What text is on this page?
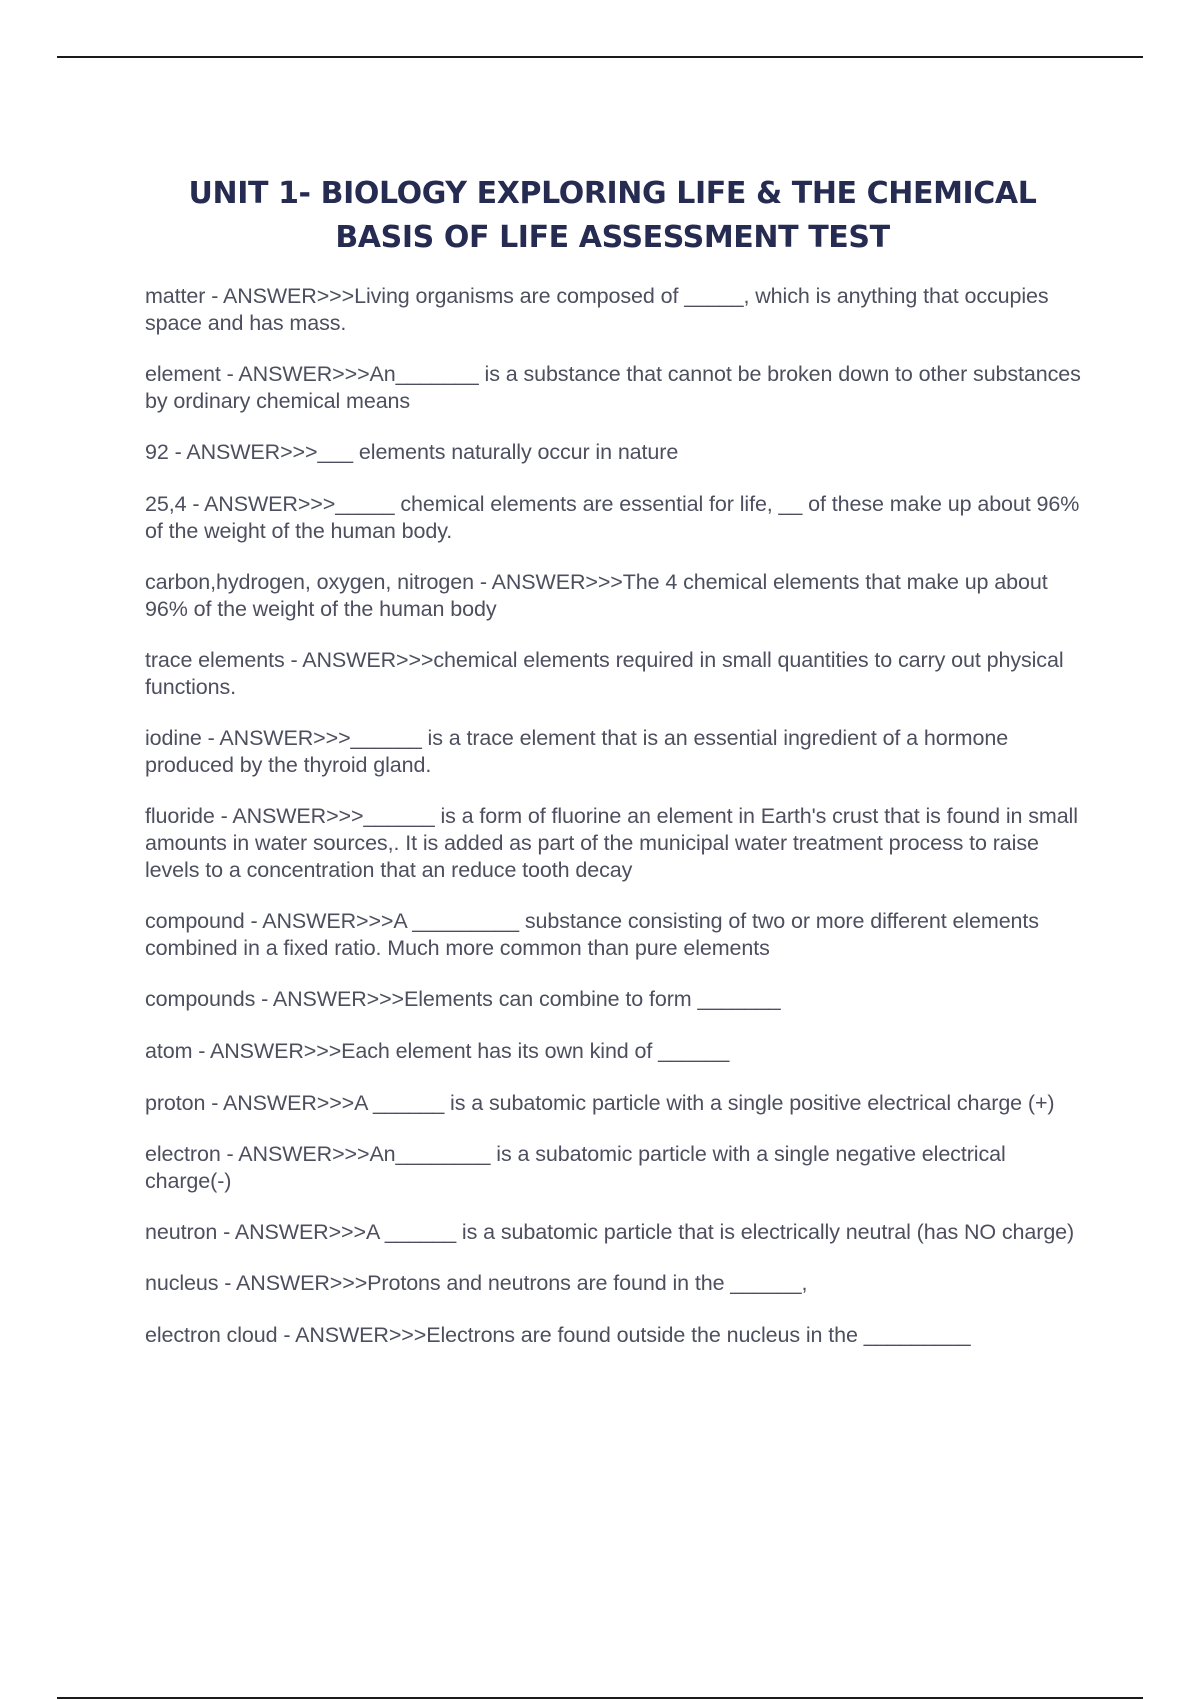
UNIT 1- BIOLOGY EXPLORING LIFE & THE CHEMICAL BASIS OF LIFE ASSESSMENT TEST
matter - ANSWER>>>Living organisms are composed of _____, which is anything that occupies space and has mass.
element - ANSWER>>>An_______ is a substance that cannot be broken down to other substances by ordinary chemical means
92 - ANSWER>>>___ elements naturally occur in nature
25,4 - ANSWER>>>_____ chemical elements are essential for life, __ of these make up about 96% of the weight of the human body.
carbon,hydrogen, oxygen, nitrogen - ANSWER>>>The 4 chemical elements that make up about 96% of the weight of the human body
trace elements - ANSWER>>>chemical elements required in small quantities to carry out physical functions.
iodine - ANSWER>>>______ is a trace element that is an essential ingredient of a hormone produced by the thyroid gland.
fluoride - ANSWER>>>______ is a form of fluorine an element in Earth's crust that is found in small amounts in water sources,. It is added as part of the municipal water treatment process to raise levels to a concentration that an reduce tooth decay
compound - ANSWER>>>A _________ substance consisting of two or more different elements combined in a fixed ratio. Much more common than pure elements
compounds - ANSWER>>>Elements can combine to form _______
atom - ANSWER>>>Each element has its own kind of ______
proton - ANSWER>>>A ______ is a subatomic particle with a single positive electrical charge (+)
electron - ANSWER>>>An________ is a subatomic particle with a single negative electrical charge(-)
neutron - ANSWER>>>A ______ is a subatomic particle that is electrically neutral (has NO charge)
nucleus - ANSWER>>>Protons and neutrons are found in the ______,
electron cloud - ANSWER>>>Electrons are found outside the nucleus in the _________
